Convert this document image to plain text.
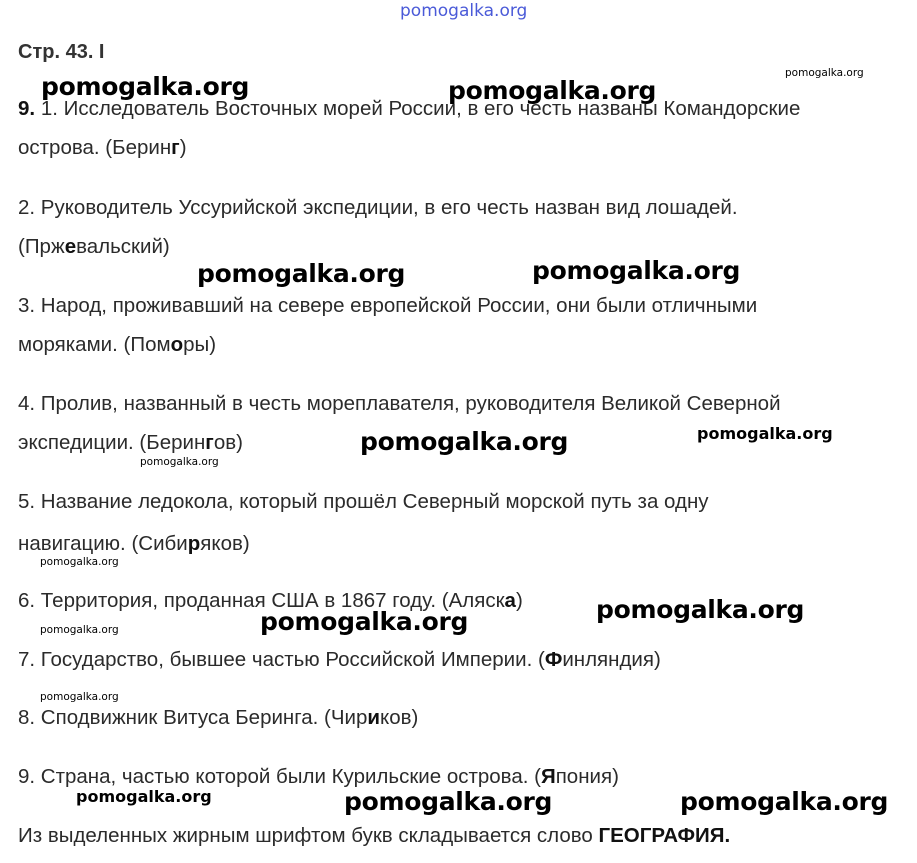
pomogalka.org
Стр. 43. I

9. 1. Исследователь Восточных морей России, в его честь названы Командорские

острова. (Беринг)

2. Руководитель Уссурийской экспедиции, в его честь назван вид лошадей.

(Пржевальский)

3. Народ, проживавший на севере европейской России, они были отличными

моряками. (Поморы)

4. Пролив, названный в честь мореплавателя, руководителя Великой Северной

экспедиции. (Берингов)

5. Название ледокола, который прошёл Северный морской путь за одну

навигацию. (Сибиряков)

6. Территория, проданная США в 1867 году. (Аляска)

7. Государство, бывшее частью Российской Империи. (Финляндия)

8. Сподвижник Витуса Беринга. (Чириков)

9. Страна, частью которой были Курильские острова. (Япония)

Из выделенных жирным шрифтом букв складывается слово ГЕОГРАФИЯ.

pomogalka.org	pomogalka.org
pomogalka.org
pomogalka.org	pomogalka.org
pomogalka.org	pomogalka.org
pomogalka.org
pomogalka.org
pomogalka.org
pomogalka.org	pomogalka.org
pomogalka.org
pomogalka.org	pomogalka.org	pomogalka.org
